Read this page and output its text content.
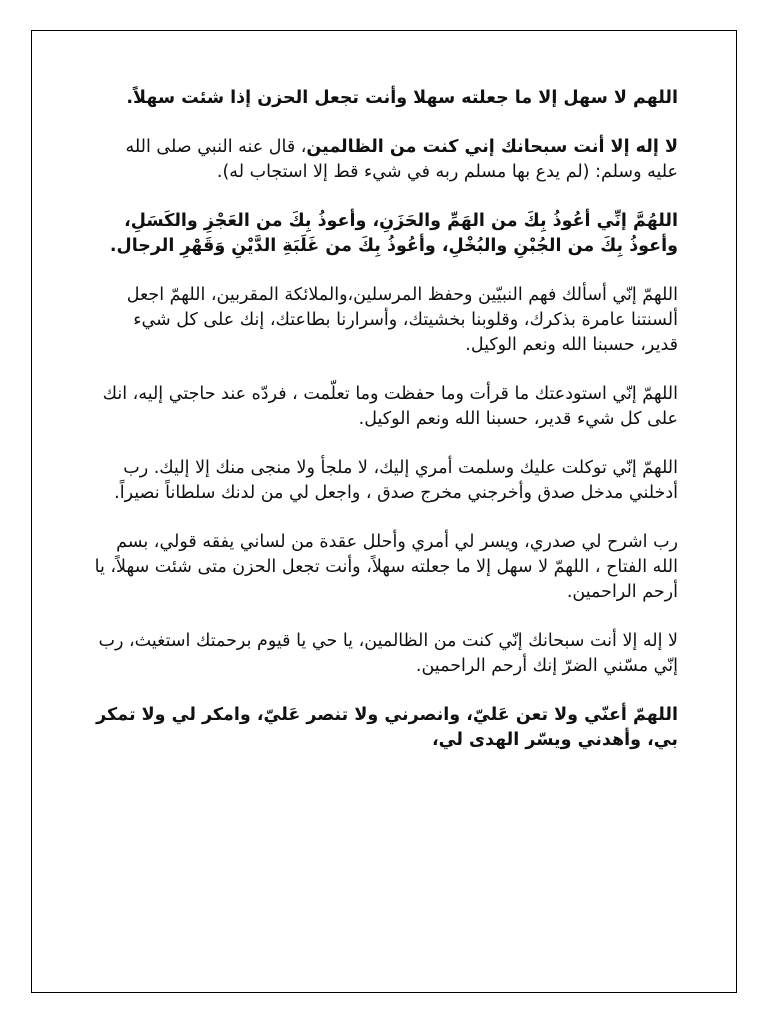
اللهم لا سهل إلا ما جعلته سهلا وأنت تجعل الحزن إذا شئت سهلاً.

لا إله إلا أنت سبحانك إني كنت من الظالمين، قال عنه النبي صلى الله عليه وسلم: (لم يدع بها مسلم ربه في شيء قط إلا استجاب له).

اللهُمَّ إنِّي أعُوذُ بِكَ من الهَمِّ والحَزَنِ، وأعوذُ بِكَ من العَجْزِ والكَسَلِ، وأعوذُ بِكَ من الجُبْنِ والبُخْلِ، وأعُوذُ بِكَ من غَلَبَةِ الدَّيْنِ وَقَهْرِ الرجال.

اللهمّ إنّي أسألك فهم النبيّين وحفظ المرسلين،والملائكة المقربين، اللهمّ اجعل ألسنتنا عامرة بذكرك، وقلوبنا بخشيتك، وأسرارنا بطاعتك، إنك على كل شيء قدير، حسبنا الله ونعم الوكيل.

اللهمّ إنّي استودعتك ما قرأت وما حفظت وما تعلّمت ، فردّه عند حاجتي إليه، انك على كل شيء قدير، حسبنا الله ونعم الوكيل.

اللهمّ إنّي توكلت عليك وسلمت أمري إليك، لا ملجأ ولا منجى منك إلا إليك. رب أدخلني مدخل صدق وأخرجني مخرج صدق ، واجعل لي من لدنك سلطاناً نصيراً.

رب اشرح لي صدري، ويسر لي أمري وأحلل عقدة من لساني يفقه قولي، بسم الله الفتاح ، اللهمّ لا سهل إلا ما جعلته سهلاً، وأنت تجعل الحزن متى شئت سهلاً، يا أرحم الراحمين.

لا إله إلا أنت سبحانك إنّي كنت من الظالمين، يا حي يا قيوم برحمتك استغيث، رب إنّي مسّني الضرّ إنك أرحم الراحمين.

اللهمّ أعنّي ولا تعن عَليّ، وانصرني ولا تنصر عَليّ، وامكر لي ولا تمكر بي، وأهدني ويسّر الهدى لي،
